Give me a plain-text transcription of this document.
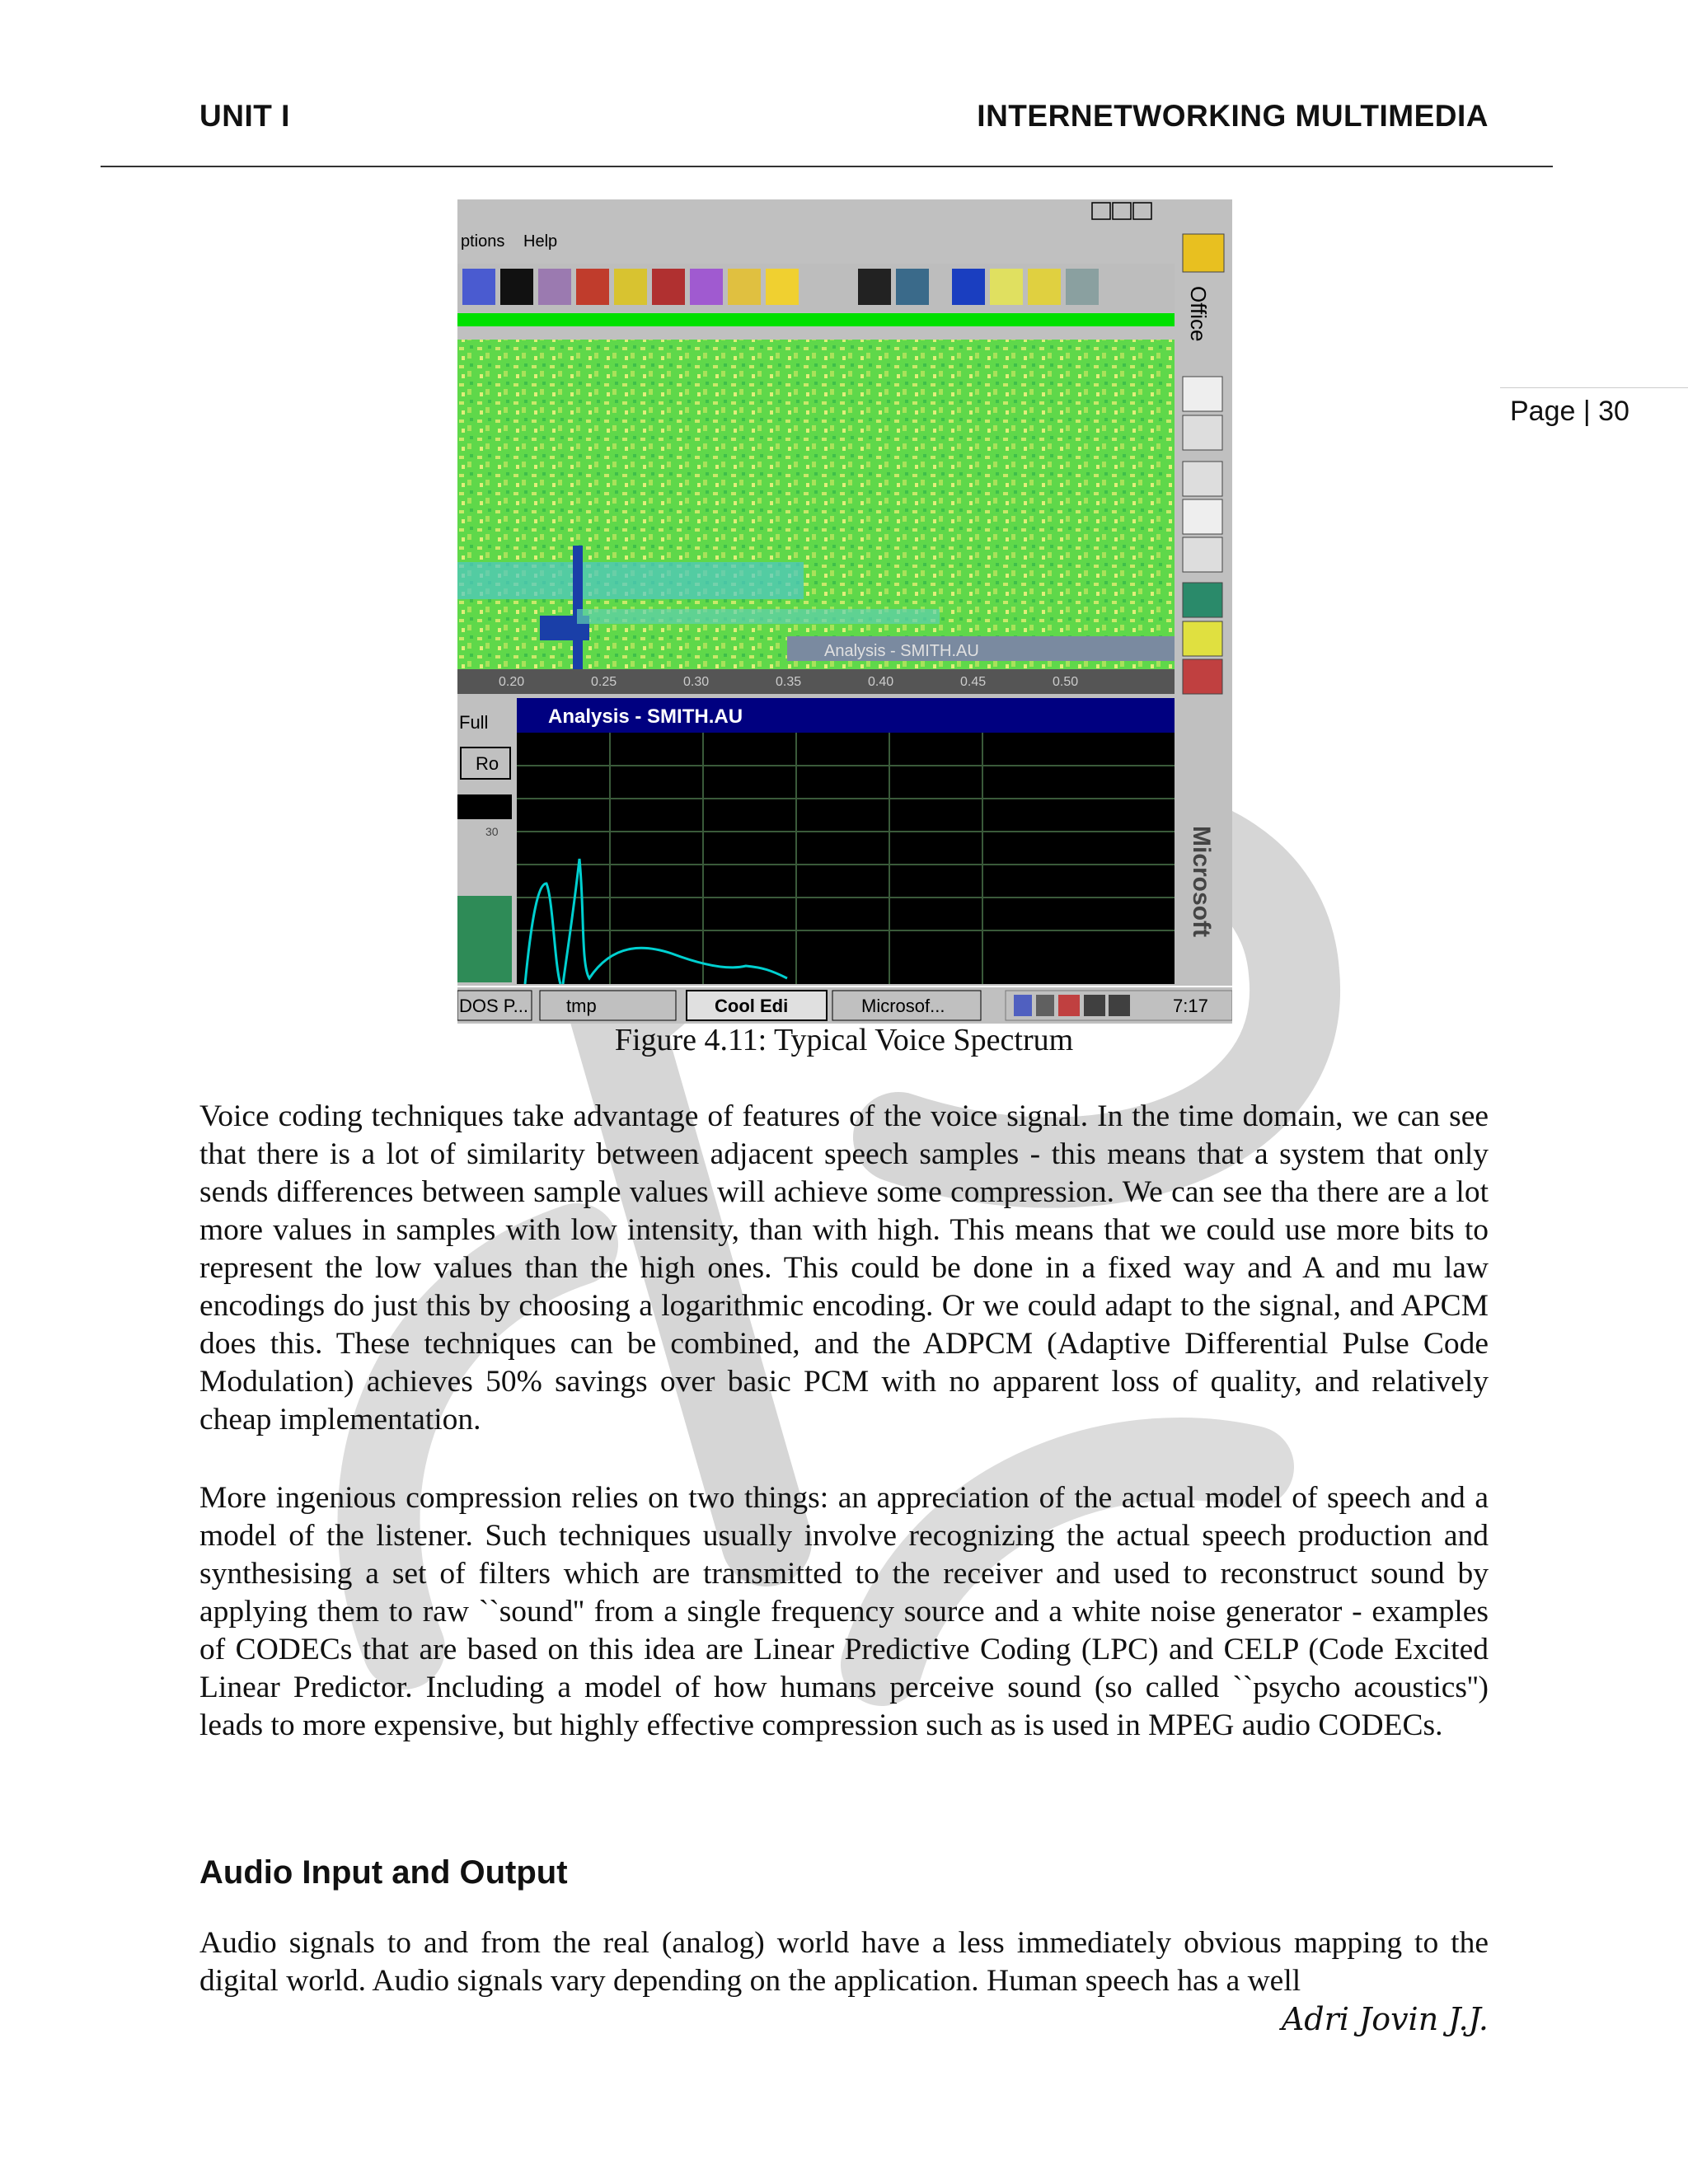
UNIT I	INTERNETWORKING MULTIMEDIA
Page | 30
ptions Help
Analysis - SMITH.AU
0.20	0.25	0.30	0.35	0.40	0.45	0.50
Full
Ro
30
Analysis - SMITH.AU
Office
Microsoft
DOS P... tmp	Cool Edi	Microsof...	7:17
Figure 4.11: Typical Voice Spectrum

Voice coding techniques take advantage of features of the voice signal. In the time domain, we can see that there is a lot of similarity between adjacent speech samples - this means that a system that only sends differences between sample values will achieve some compression. We can see tha there are a lot more values in samples with low intensity, than with high. This means that we could use more bits to represent the low values than the high ones. This could be done in a fixed way and A and mu law encodings do just this by choosing a logarithmic encoding. Or we could adapt to the signal, and APCM does this. These techniques can be combined, and the ADPCM (Adaptive Differential Pulse Code Modulation) achieves 50% savings over basic PCM with no apparent loss of quality, and relatively cheap implementation.

More ingenious compression relies on two things: an appreciation of the actual model of speech and a model of the listener. Such techniques usually involve recognizing the actual speech production and synthesising a set of filters which are transmitted to the receiver and used to reconstruct sound by applying them to raw ``sound'' from a single frequency source and a white noise generator - examples of CODECs that are based on this idea are Linear Predictive Coding (LPC) and CELP (Code Excited Linear Predictor. Including a model of how humans perceive sound (so called ``psycho acoustics'') leads to more expensive, but highly effective compression such as is used in MPEG audio CODECs.

Audio Input and Output

Audio signals to and from the real (analog) world have a less immediately obvious mapping to the digital world. Audio signals vary depending on the application. Human speech has a well

Adri Jovin J.J.
